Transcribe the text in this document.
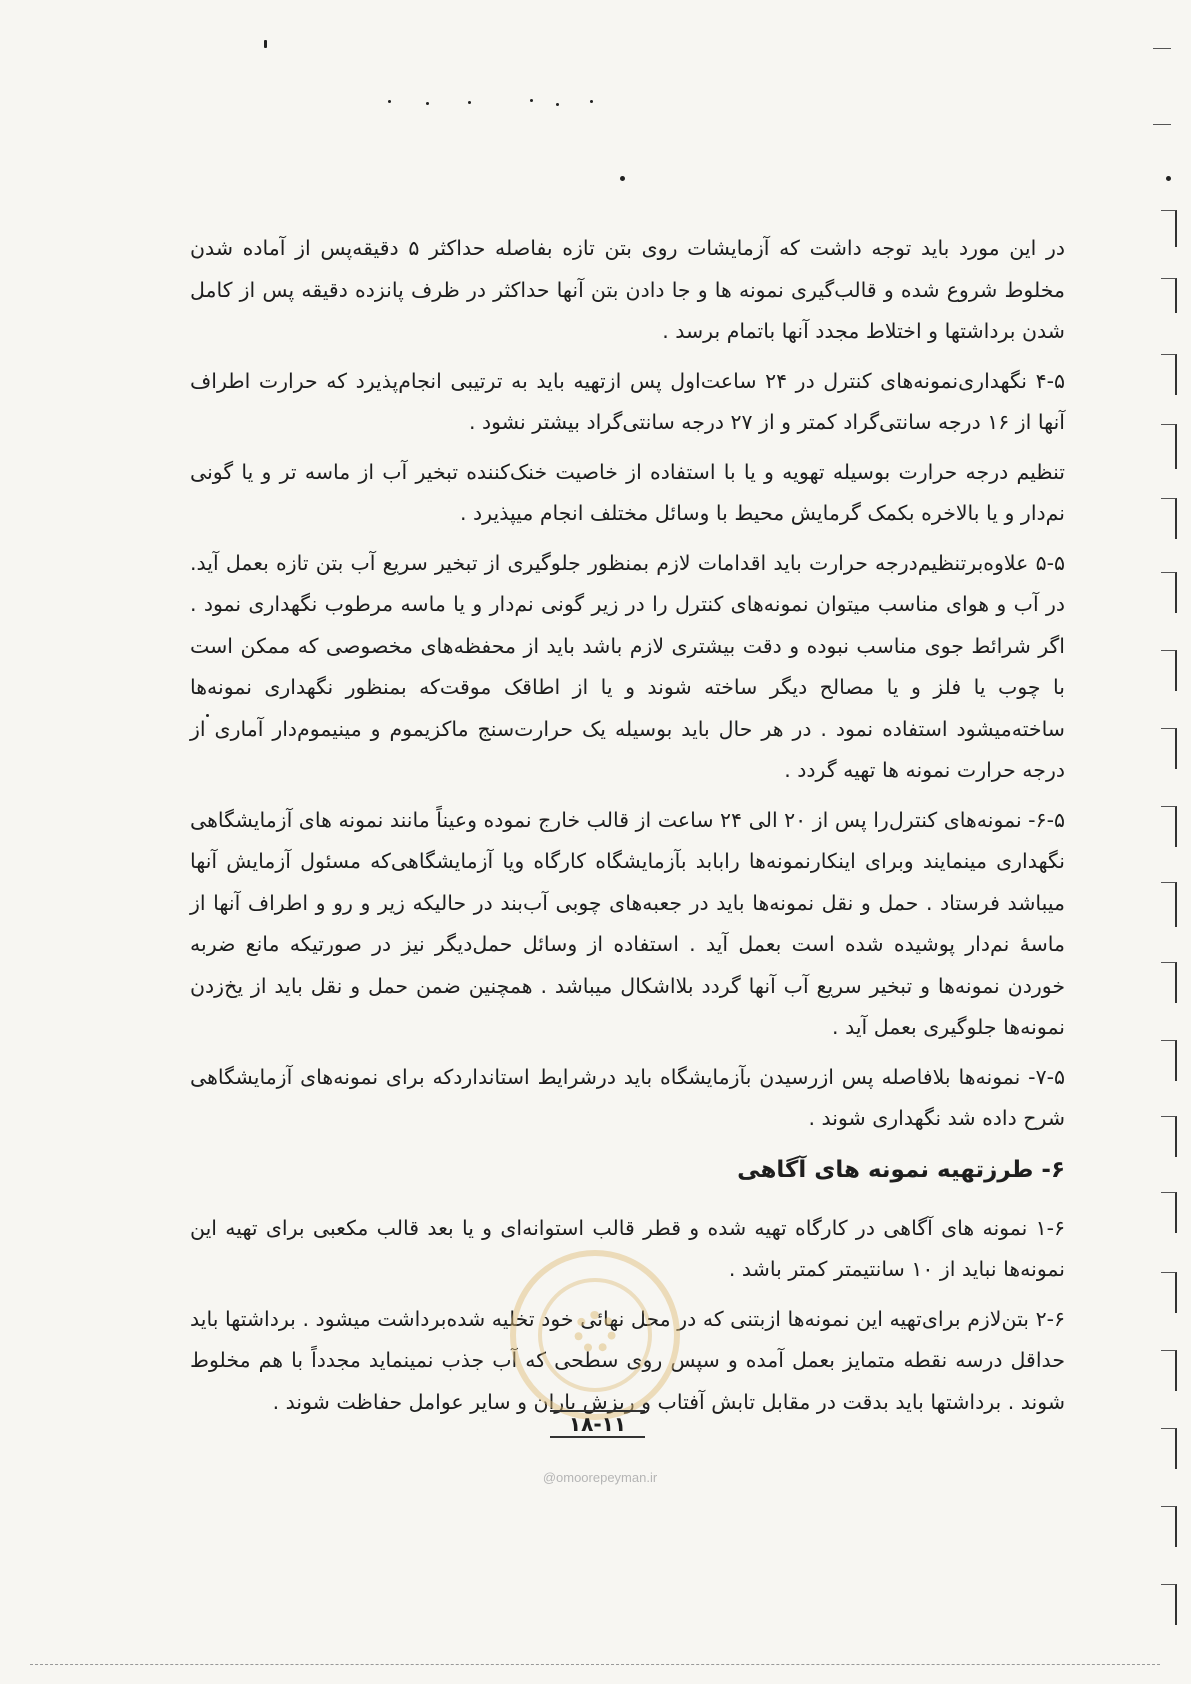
در این مورد باید توجه داشت که آزمایشات روی بتن تازه بفاصله حداکثر ۵ دقیقه‌پس از آماده شدن مخلوط شروع شده و قالب‌گیری نمونه ها و جا دادن بتن آنها حداکثر در ظرف پانزده دقیقه پس از کامل شدن برداشتها و اختلاط مجدد آنها باتمام برسد .

۴-۵ نگهداری‌نمونه‌های کنترل در ۲۴ ساعت‌اول پس ازتهیه باید به ترتیبی انجام‌پذیرد که حرارت اطراف آنها از ۱۶ درجه سانتی‌گراد کمتر و از ۲۷ درجه سانتی‌گراد بیشتر نشود .

تنظیم درجه حرارت بوسیله تهویه و یا با استفاده از خاصیت خنک‌کننده تبخیر آب از ماسه تر و یا گونی نم‌دار و یا بالاخره بکمک گرمایش محیط با وسائل مختلف انجام میپذیرد .

۵-۵ علاوه‌برتنظیم‌درجه حرارت باید اقدامات لازم بمنظور جلوگیری از تبخیر سریع آب بتن تازه بعمل آید. در آب و هوای مناسب میتوان نمونه‌های کنترل را در زیر گونی نم‌دار و یا ماسه مرطوب نگهداری نمود . اگر شرائط جوی مناسب نبوده و دقت بیشتری لازم باشد باید از محفظه‌های مخصوصی که ممکن است با چوب یا فلز و یا مصالح دیگر ساخته شوند و یا از اطاقک موقت‌که بمنظور نگهداری نمونه‌ها ساخته‌میشود استفاده نمود . در هر حال باید بوسیله یک حرارت‌سنج ماکزیموم و مینیموم‌دار آماری از درجه حرارت نمونه ها تهیه گردد .

۶-۵- نمونه‌های کنترل‌را پس از ۲۰ الی ۲۴ ساعت از قالب خارج نموده وعیناً مانند نمونه های آزمایشگاهی نگهداری مینمایند وبرای اینکارنمونه‌ها رابابد بآزمایشگاه کارگاه ویا آزمایشگاهی‌که مسئول آزمایش آنها میباشد فرستاد . حمل و نقل نمونه‌ها باید در جعبه‌های چوبی آب‌بند در حالیکه زیر و رو و اطراف آنها از ماسهٔ نم‌دار پوشیده شده است بعمل آید . استفاده از وسائل حمل‌دیگر نیز در صورتیکه مانع ضربه خوردن نمونه‌ها و تبخیر سریع آب آنها گردد بلااشکال میباشد . همچنین ضمن حمل و نقل باید از یخ‌زدن نمونه‌ها جلوگیری بعمل آید .

۷-۵- نمونه‌ها بلافاصله پس ازرسیدن بآزمایشگاه باید درشرایط استانداردکه برای نمونه‌های آزمایشگاهی شرح داده شد نگهداری شوند .

۶- طرزتهیه نمونه های آگاهی

۱-۶ نمونه های آگاهی در کارگاه تهیه شده و قطر قالب استوانه‌ای و یا بعد قالب مکعبی برای تهیه این نمونه‌ها نباید از ۱۰ سانتیمتر کمتر باشد .

۲-۶ بتن‌لازم برای‌تهیه این نمونه‌ها ازبتنی که در محل نهائی خود تخلیه شده‌برداشت میشود . برداشتها باید حداقل درسه نقطه متمایز بعمل آمده و سپس روی سطحی که آب جذب نمینماید مجدداً با هم مخلوط شوند . برداشتها باید بدقت در مقابل تابش آفتاب و ریزش باران و سایر عوامل حفاظت شوند .

۱۸-۱۱
@omoorepeyman.ir
